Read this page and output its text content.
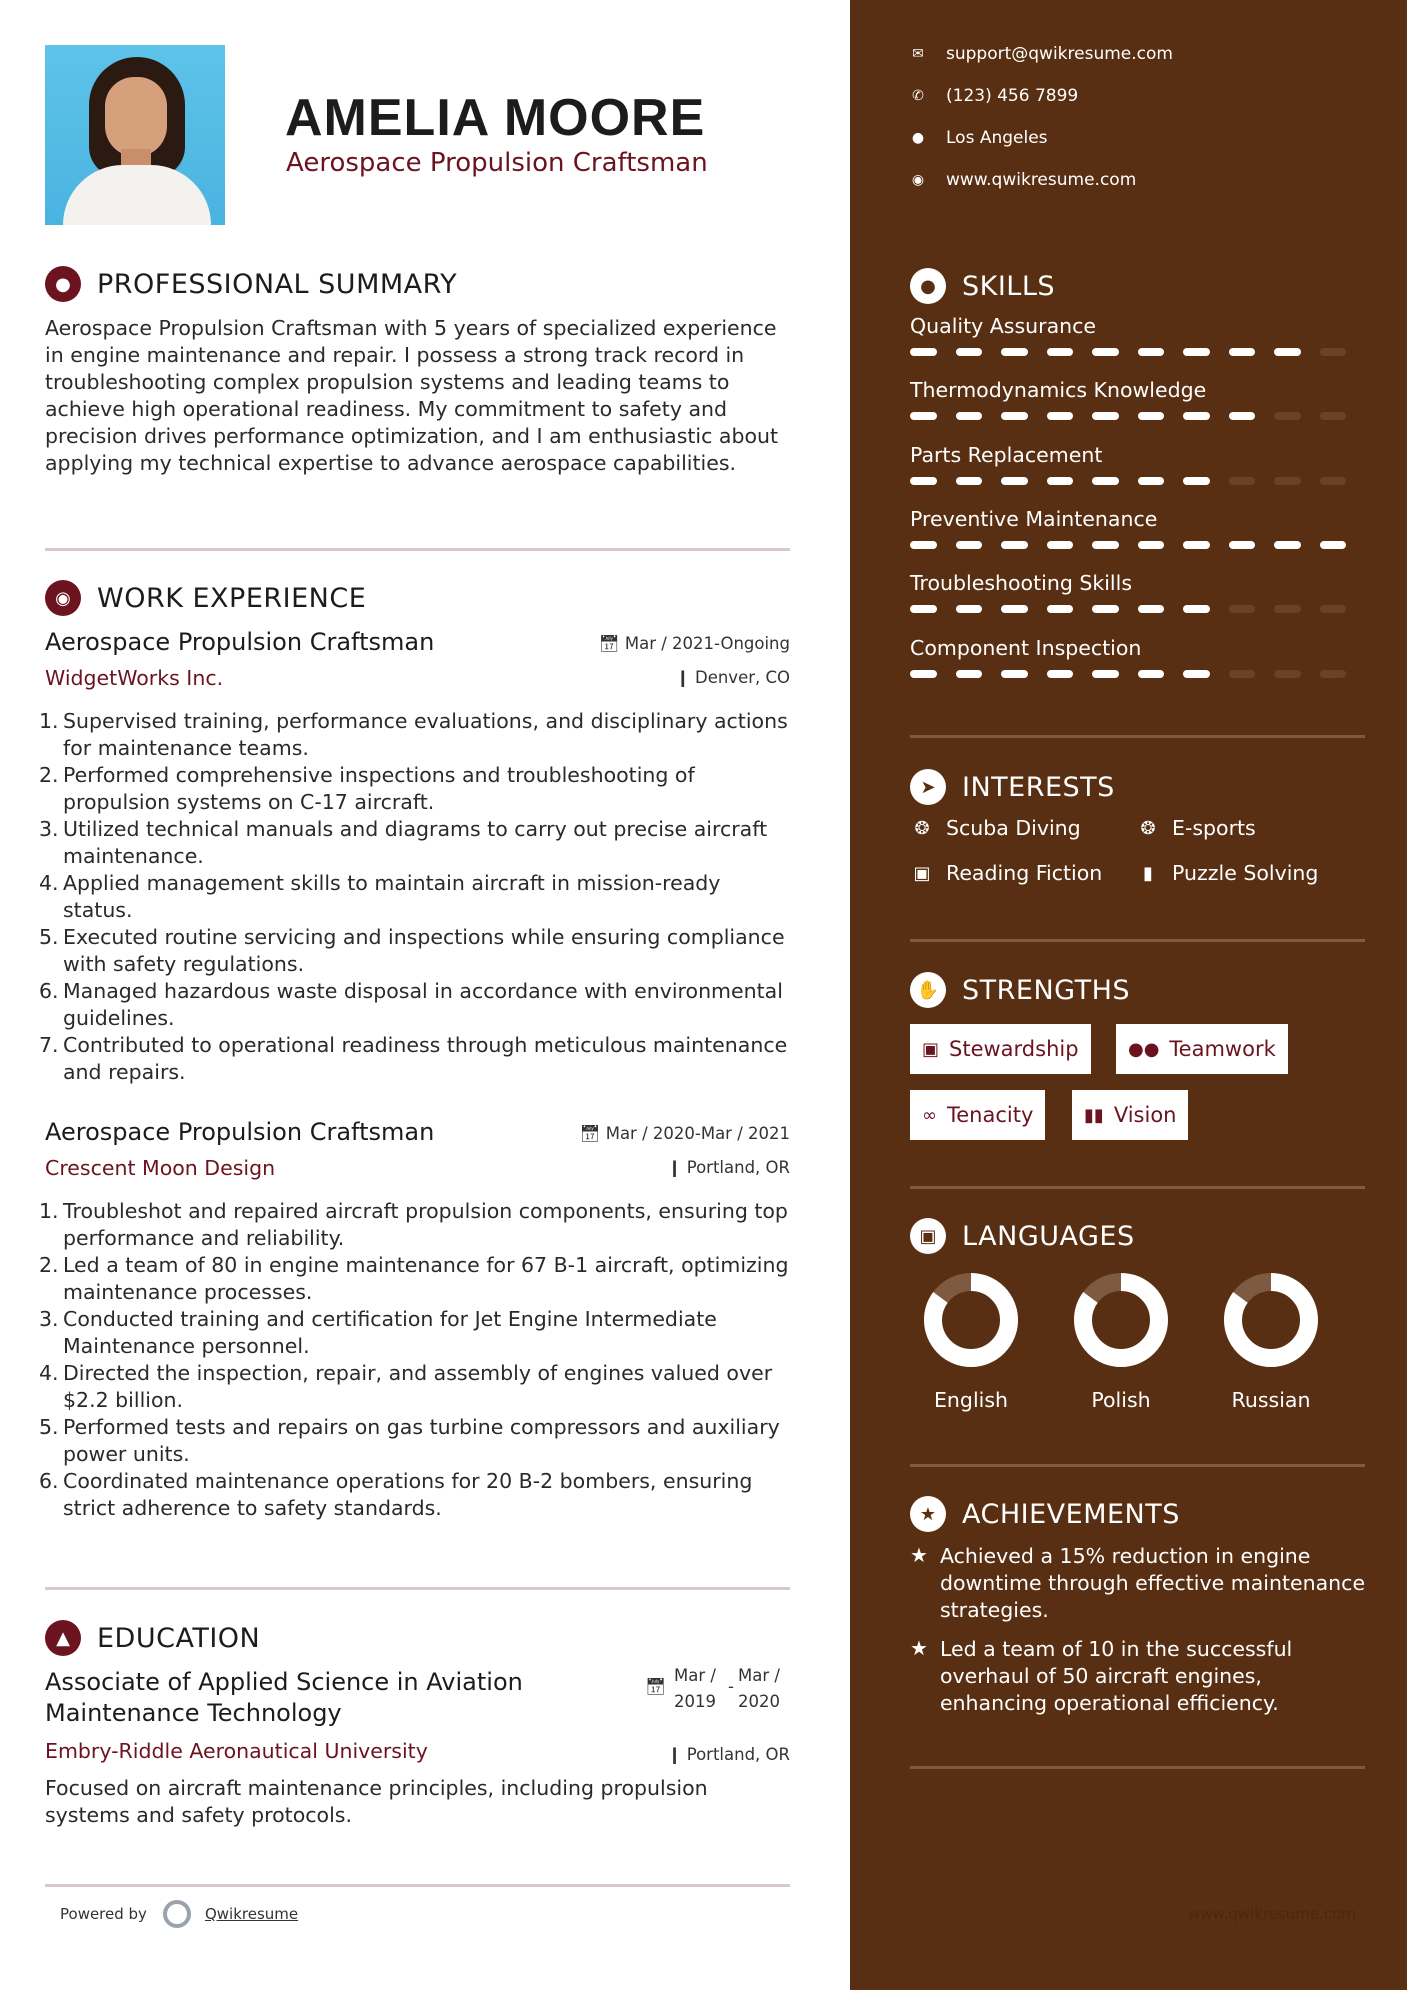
AMELIA MOORE
Aerospace Propulsion Craftsman
● PROFESSIONAL SUMMARY
Aerospace Propulsion Craftsman with 5 years of specialized experience in engine maintenance and repair. I possess a strong track record in troubleshooting complex propulsion systems and leading teams to achieve high operational readiness. My commitment to safety and precision drives performance optimization, and I am enthusiastic about applying my technical expertise to advance aerospace capabilities.
◉ WORK EXPERIENCE
Aerospace Propulsion Craftsman
WidgetWorks Inc.
📅︎ Mar / 2021-Ongoing
❙ Denver, CO
1. Supervised training, performance evaluations, and disciplinary actions for maintenance teams.
2. Performed comprehensive inspections and troubleshooting of propulsion systems on C-17 aircraft.
3. Utilized technical manuals and diagrams to carry out precise aircraft maintenance.
4. Applied management skills to maintain aircraft in mission-ready status.
5. Executed routine servicing and inspections while ensuring compliance with safety regulations.
6. Managed hazardous waste disposal in accordance with environmental guidelines.
7. Contributed to operational readiness through meticulous maintenance and repairs.
Aerospace Propulsion Craftsman
Crescent Moon Design
📅︎ Mar / 2020-Mar / 2021
❙ Portland, OR
1. Troubleshot and repaired aircraft propulsion components, ensuring top performance and reliability.
2. Led a team of 80 in engine maintenance for 67 B-1 aircraft, optimizing maintenance processes.
3. Conducted training and certification for Jet Engine Intermediate Maintenance personnel.
4. Directed the inspection, repair, and assembly of engines valued over $2.2 billion.
5. Performed tests and repairs on gas turbine compressors and auxiliary power units.
6. Coordinated maintenance operations for 20 B-2 bombers, ensuring strict adherence to safety standards.
▲	EDUCATION
Associate of Applied Science in Aviation Maintenance Technology
Embry-Riddle Aeronautical University
Focused on aircraft maintenance principles, including propulsion systems and safety protocols.
📅︎
Mar /
2019
-
Mar /
2020
❙ Portland, OR
Powered by	Qwikresume
✉ support@qwikresume.com
✆ (123) 456 7899
● Los Angeles
◉ www.qwikresume.com
● SKILLS
Quality Assurance
Thermodynamics Knowledge
Parts Replacement
Preventive Maintenance
Troubleshooting Skills
Component Inspection
➤ INTERESTS
❂ Scuba Diving	❂ E-sports
▣ Reading Fiction	▮ Puzzle Solving
✋ STRENGTHS
▣ Stewardship	●● Teamwork
∞ Tenacity	▮▮ Vision
▣ LANGUAGES
English	Polish	Russian
★ ACHIEVEMENTS
★ Achieved a 15% reduction in engine downtime through effective maintenance strategies.
★ Led a team of 10 in the successful overhaul of 50 aircraft engines, enhancing operational efficiency.
www.qwikresume.com
